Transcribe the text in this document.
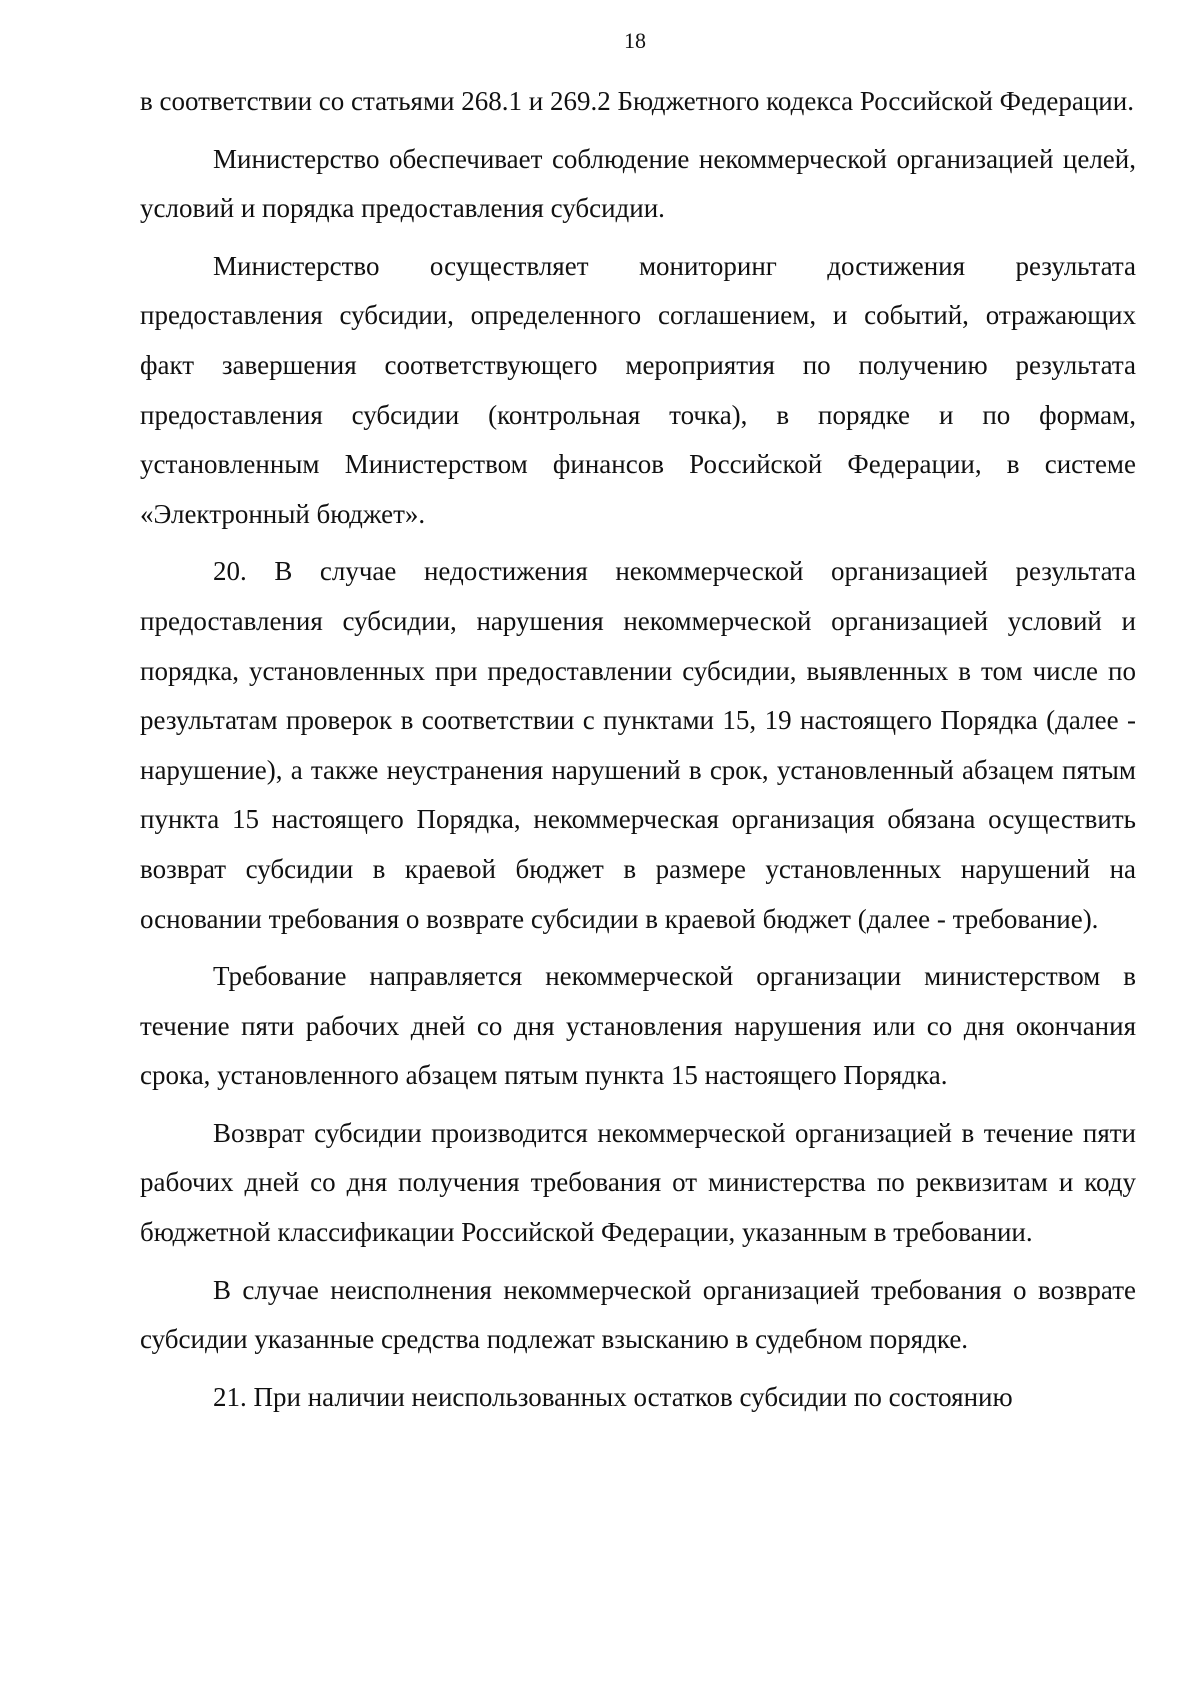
18

в соответствии со статьями 268.1 и 269.2 Бюджетного кодекса Российской Федерации.

Министерство обеспечивает соблюдение некоммерческой организацией целей, условий и порядка предоставления субсидии.

Министерство осуществляет мониторинг достижения результата предоставления субсидии, определенного соглашением, и событий, отражающих факт завершения соответствующего мероприятия по получению результата предоставления субсидии (контрольная точка), в порядке и по формам, установленным Министерством финансов Российской Федерации, в системе «Электронный бюджет».

20. В случае недостижения некоммерческой организацией результата предоставления субсидии, нарушения некоммерческой организацией условий и порядка, установленных при предоставлении субсидии, выявленных в том числе по результатам проверок в соответствии с пунктами 15, 19 настоящего Порядка (далее - нарушение), а также неустранения нарушений в срок, установленный абзацем пятым пункта 15 настоящего Порядка, некоммерческая организация обязана осуществить возврат субсидии в краевой бюджет в размере установленных нарушений на основании требования о возврате субсидии в краевой бюджет (далее - требование).

Требование направляется некоммерческой организации министерством в течение пяти рабочих дней со дня установления нарушения или со дня окончания срока, установленного абзацем пятым пункта 15 настоящего Порядка.

Возврат субсидии производится некоммерческой организацией в течение пяти рабочих дней со дня получения требования от министерства по реквизитам и коду бюджетной классификации Российской Федерации, указанным в требовании.

В случае неисполнения некоммерческой организацией требования о возврате субсидии указанные средства подлежат взысканию в судебном порядке.

21. При наличии неиспользованных остатков субсидии по состоянию
